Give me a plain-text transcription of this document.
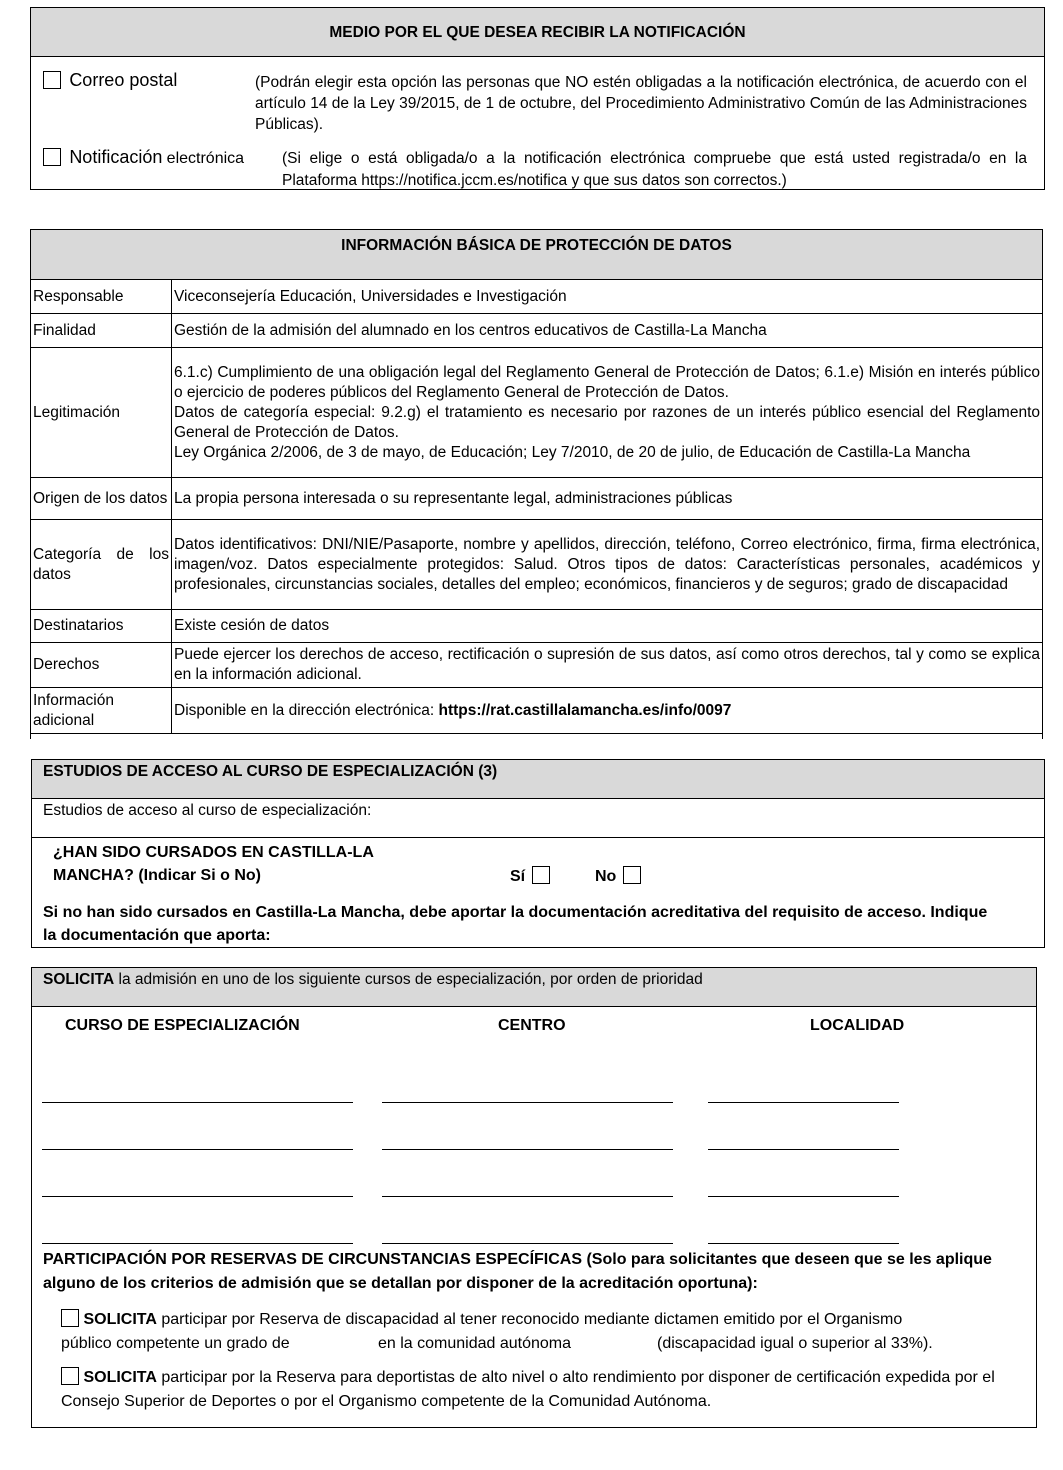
MEDIO POR EL QUE DESEA RECIBIR LA NOTIFICACIÓN
Correo postal	(Podrán elegir esta opción las personas que NO estén obligadas a la notificación electrónica, de acuerdo con el artículo 14 de la Ley 39/2015, de 1 de octubre, del Procedimiento Administrativo Común de las Administraciones Públicas).
Notificación electrónica (Si elige o está obligada/o a la notificación electrónica compruebe que está usted registrada/o en la Plataforma https://notifica.jccm.es/notifica y que sus datos son correctos.)
INFORMACIÓN BÁSICA DE PROTECCIÓN DE DATOS
Responsable	Viceconsejería Educación, Universidades e Investigación
Finalidad	Gestión de la admisión del alumnado en los centros educativos de Castilla-La Mancha
Legitimación	6.1.c) Cumplimiento de una obligación legal del Reglamento General de Protección de Datos; 6.1.e) Misión en interés público o ejercicio de poderes públicos del Reglamento General de Protección de Datos.
Datos de categoría especial: 9.2.g) el tratamiento es necesario por razones de un interés público esencial del Reglamento General de Protección de Datos.
Ley Orgánica 2/2006, de 3 de mayo, de Educación; Ley 7/2010, de 20 de julio, de Educación de Castilla-La Mancha

Origen de los datos	La propia persona interesada o su representante legal, administraciones públicas
Categoría de los datos	Datos identificativos: DNI/NIE/Pasaporte, nombre y apellidos, dirección, teléfono, Correo electrónico, firma, firma electrónica, imagen/voz. Datos especialmente protegidos: Salud. Otros tipos de datos: Características personales, académicos y profesionales, circunstancias sociales, detalles del empleo; económicos, financieros y de seguros; grado de discapacidad
Destinatarios	Existe cesión de datos
Derechos	Puede ejercer los derechos de acceso, rectificación o supresión de sus datos, así como otros derechos, tal y como se explica en la información adicional.
Información adicional	Disponible en la dirección electrónica: https://rat.castillalamancha.es/info/0097
ESTUDIOS DE ACCESO AL CURSO DE ESPECIALIZACIÓN (3)
Estudios de acceso al curso de especialización:
¿HAN SIDO CURSADOS EN CASTILLA-LA
MANCHA? (Indicar Si o No)	Sí	No
Si no han sido cursados en Castilla-La Mancha, debe aportar la documentación acreditativa del requisito de acceso. Indique la documentación que aporta:
SOLICITA la admisión en uno de los siguiente cursos de especialización, por orden de prioridad
CURSO DE ESPECIALIZACIÓN	CENTRO	LOCALIDAD
PARTICIPACIÓN POR RESERVAS DE CIRCUNSTANCIAS ESPECÍFICAS (Solo para solicitantes que deseen que se les aplique alguno de los criterios de admisión que se detallan por disponer de la acreditación oportuna):
SOLICITA participar por Reserva de discapacidad al tener reconocido mediante dictamen emitido por el Organismo
público competente un grado de	en la comunidad autónoma	(discapacidad igual o superior al 33%).
SOLICITA participar por la Reserva para deportistas de alto nivel o alto rendimiento por disponer de certificación expedida por el Consejo Superior de Deportes o por el Organismo competente de la Comunidad Autónoma.
